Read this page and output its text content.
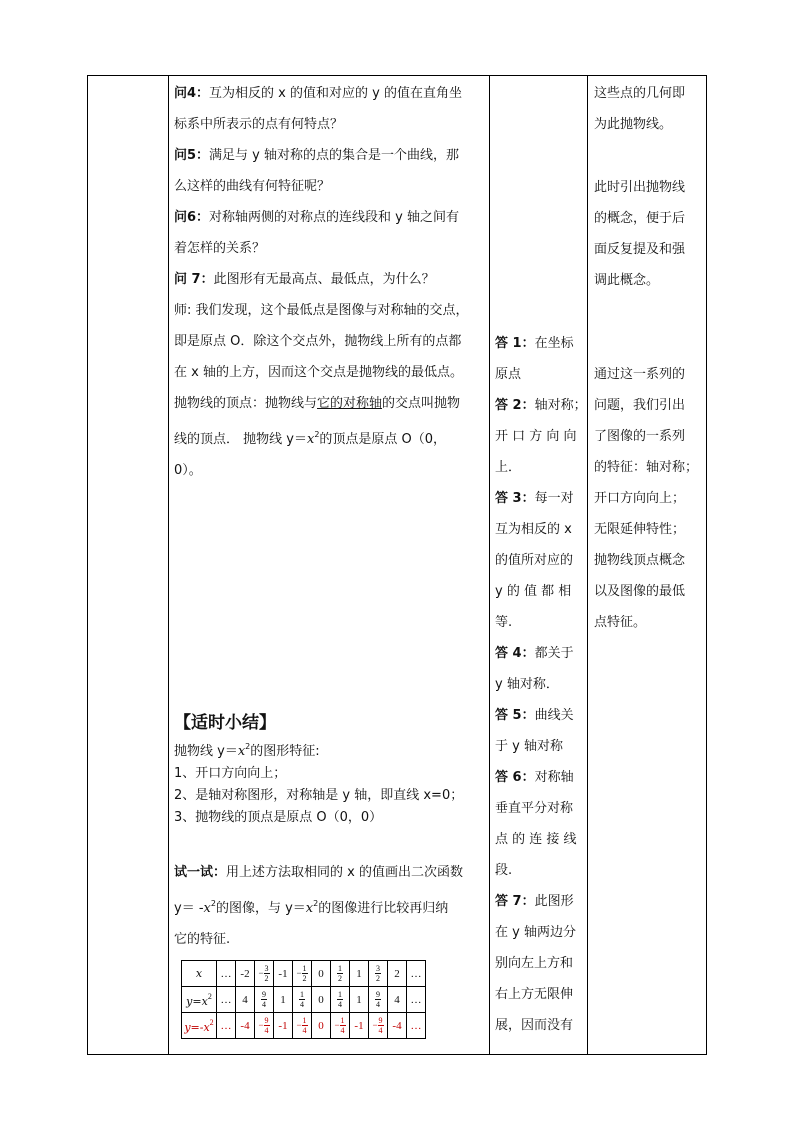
问4：互为相反的 x 的值和对应的 y 的值在直角坐

标系中所表示的点有何特点？

问5：满足与 y 轴对称的点的集合是一个曲线，那

么这样的曲线有何特征呢？

问6：对称轴两侧的对称点的连线段和 y 轴之间有

着怎样的关系？

问 7：此图形有无最高点、最低点，为什么？

师: 我们发现，这个最低点是图像与对称轴的交点，

即是原点 O．除这个交点外，抛物线上所有的点都

在 x 轴的上方，因而这个交点是抛物线的最低点。

抛物线的顶点：抛物线与它的对称轴的交点叫抛物

线的顶点． 抛物线 $y=x^2$的顶点是原点 O（0，

0）。

【适时小结】

抛物线 $y=x^2$的图形特征:

1、开口方向向上；

2、是轴对称图形，对称轴是 y 轴，即直线 x=0；

3、抛物线的顶点是原点 O（0，0）

试一试：用上述方法取相同的 x 的值画出二次函数

$y= -x^2$的图像，与 $y=x^2$的图像进行比较再归纳

它的特征.

x	…	-2	− $\frac{3}{2}$	-1	− $\frac{1}{2}$	0	$\frac{1}{2}$	1	$\frac{3}{2}$	2	…
$y=x^2$	…	4	$\frac{9}{4}$	1	$\frac{1}{4}$	0	$\frac{1}{4}$	1	$\frac{9}{4}$	4	…
$y=-x^2$	…	-4	− $\frac{9}{4}$	-1	− $\frac{1}{4}$	0	− $\frac{1}{4}$	-1	− $\frac{9}{4}$	-4	…

答 1：在坐标

原点

答 2：轴对称；

开 口 方 向 向

上．

答 3：每一对

互为相反的 x

的值所对应的

y 的 值 都 相

等.

答 4：都关于

y 轴对称．

答 5：曲线关

于 y 轴对称

答 6：对称轴

垂直平分对称

点 的 连 接 线

段.

答 7：此图形

在 y 轴两边分

别向左上方和

右上方无限伸

展，因而没有

这些点的几何即

为此抛物线。

此时引出抛物线

的概念，便于后

面反复提及和强

调此概念。

通过这一系列的

问题，我们引出

了图像的一系列

的特征：轴对称；

开口方向向上；

无限延伸特性；

抛物线顶点概念

以及图像的最低

点特征。
